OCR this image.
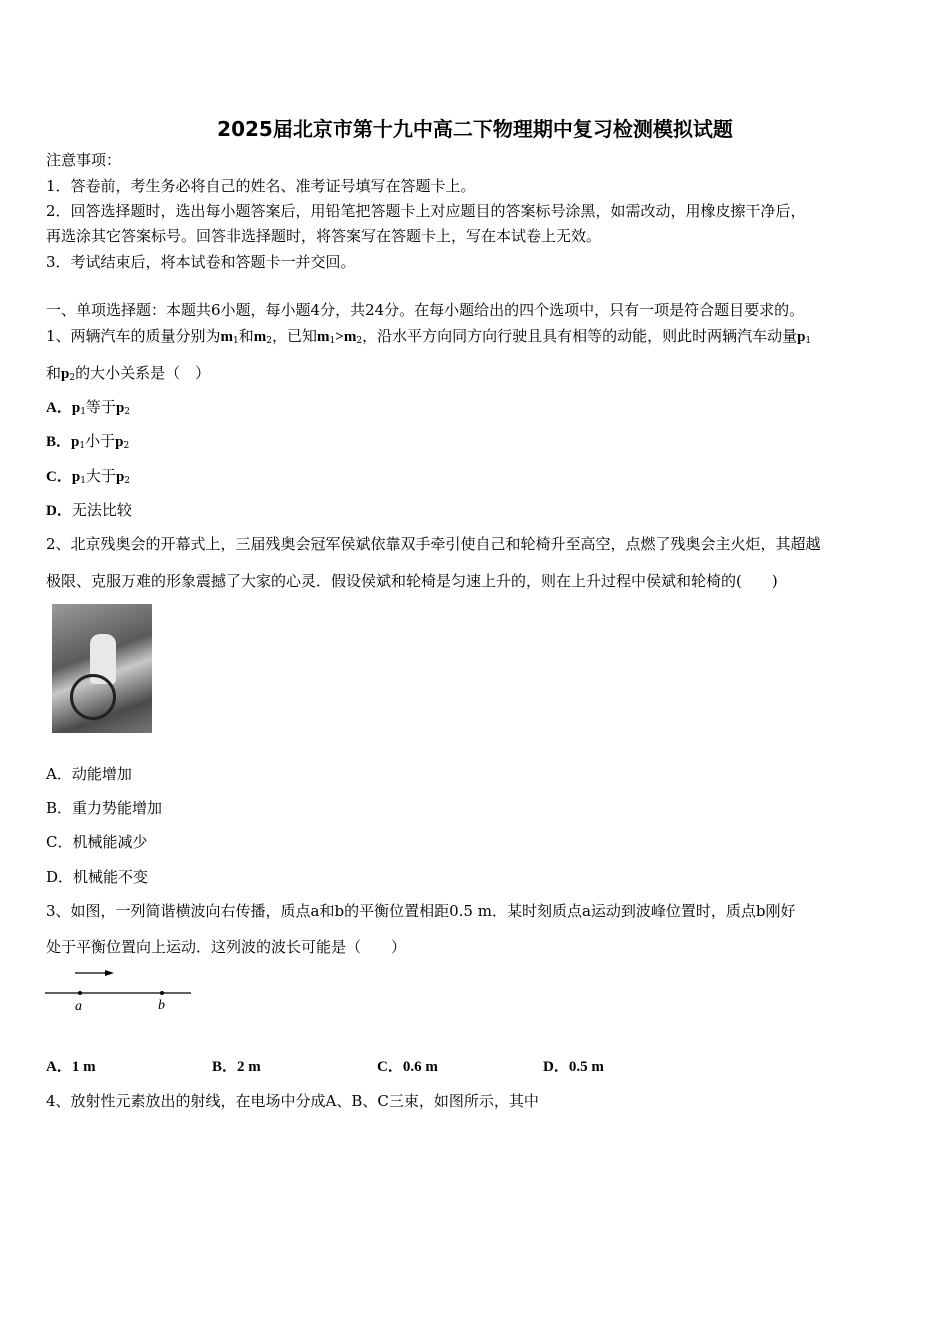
2025届北京市第十九中高二下物理期中复习检测模拟试题
注意事项：
1．答卷前，考生务必将自己的姓名、准考证号填写在答题卡上。
2．回答选择题时，选出每小题答案后，用铅笔把答题卡上对应题目的答案标号涂黑，如需改动，用橡皮擦干净后，
再选涂其它答案标号。回答非选择题时，将答案写在答题卡上，写在本试卷上无效。
3．考试结束后，将本试卷和答题卡一并交回。
一、单项选择题：本题共6小题，每小题4分，共24分。在每小题给出的四个选项中，只有一项是符合题目要求的。
1、两辆汽车的质量分别为$m_1$和$m_2$，已知$m_1>m_2$，沿水平方向同方向行驶且具有相等的动能，则此时两辆汽车动量$p_1$
和$p_2$的大小关系是（　）
A．$p_1$等于$p_2$
B．$p_1$小于$p_2$
C．$p_1$大于$p_2$
D．无法比较
2、北京残奥会的开幕式上，三届残奥会冠军侯斌依靠双手牵引使自己和轮椅升至高空，点燃了残奥会主火炬，其超越
极限、克服万难的形象震撼了大家的心灵．假设侯斌和轮椅是匀速上升的，则在上升过程中侯斌和轮椅的(　　)
A．动能增加
B．重力势能增加
C．机械能减少
D．机械能不变
3、如图，一列简谐横波向右传播，质点a和b的平衡位置相距0.5 m．某时刻质点a运动到波峰位置时，质点b刚好
处于平衡位置向上运动．这列波的波长可能是（　　）
a	b
A．1 m	B．2 m	C．0.6 m	D．0.5 m
4、放射性元素放出的射线，在电场中分成A、B、C三束，如图所示，其中
